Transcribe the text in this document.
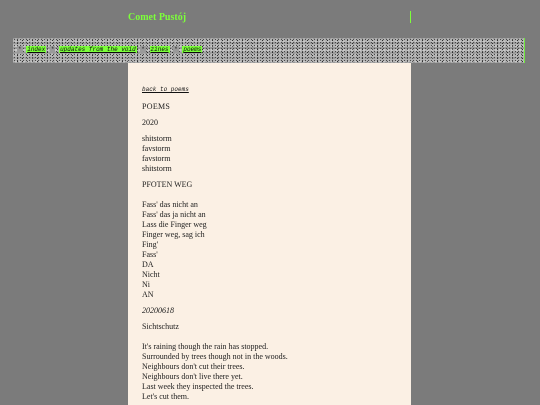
Comet Pustój
* index * updates from the void * zines * poems
back to poems
POEMS
2020
shitstorm
favstorm
favstorm
shitstorm
PFOTEN WEG
Fass' das nicht an
Fass' das ja nicht an
Lass die Finger weg
Finger weg, sag ich
Fing'
Fass'
DA
Nicht
Ni
AN
20200618
Sichtschutz
It's raining though the rain has stopped.
Surrounded by trees though not in the woods.
Neighbours don't cut their trees.
Neighbours don't live there yet.
Last week they inspected the trees.
Let's cut them.
